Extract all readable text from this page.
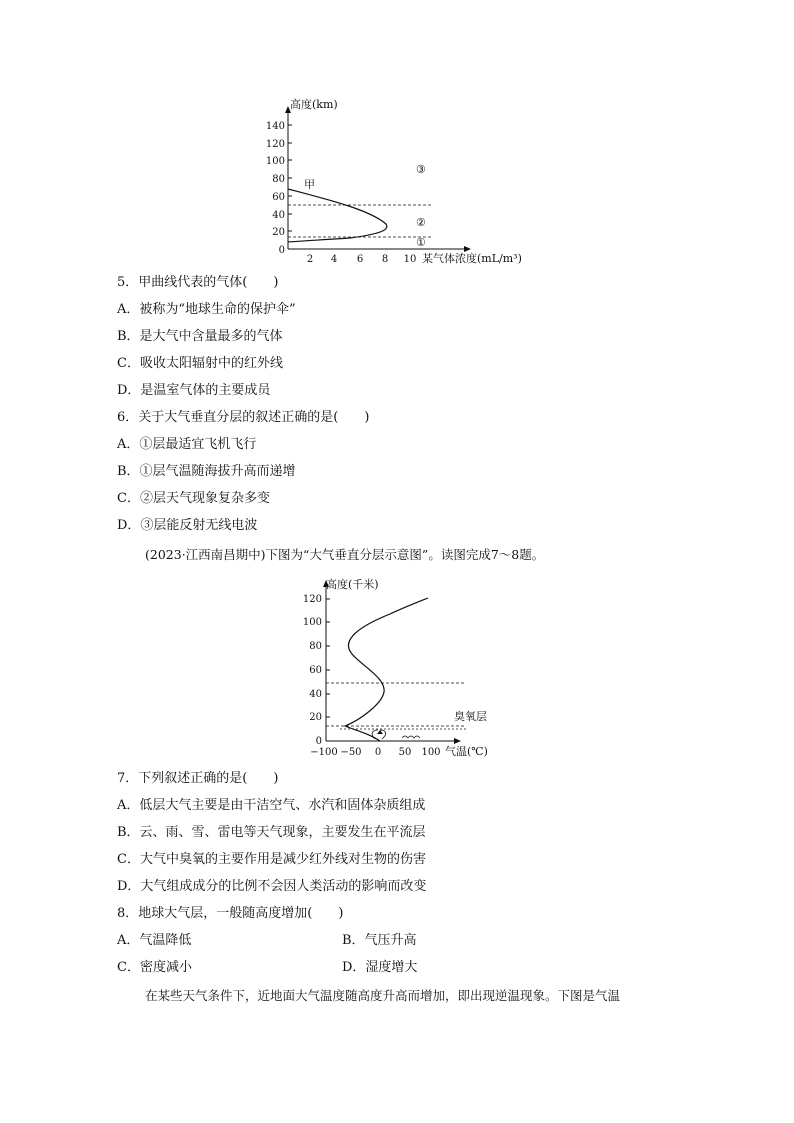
高度(km)
140
120
100
80
60
40
20
0
2 4 6 8 10 某气体浓度(mL/m³)
甲
③
②
①
5．甲曲线代表的气体(　　)
A．被称为“地球生命的保护伞”
B．是大气中含量最多的气体
C．吸收太阳辐射中的红外线
D．是温室气体的主要成员
6．关于大气垂直分层的叙述正确的是(　　)
A．①层最适宜飞机飞行
B．①层气温随海拔升高而递增
C．②层天气现象复杂多变
D．③层能反射无线电波
(2023·江西南昌期中)下图为“大气垂直分层示意图”。读图完成7～8题。
高度(千米)
120
100
80
60
40
20
0
−100 −50 0 50 100 气温(℃)
臭氧层
7．下列叙述正确的是(　　)
A．低层大气主要是由干洁空气、水汽和固体杂质组成
B．云、雨、雪、雷电等天气现象，主要发生在平流层
C．大气中臭氧的主要作用是减少红外线对生物的伤害
D．大气组成成分的比例不会因人类活动的影响而改变
8．地球大气层，一般随高度增加(　　)
A．气温降低	B．气压升高
C．密度减小	D．湿度增大
在某些天气条件下，近地面大气温度随高度升高而增加，即出现逆温现象。下图是气温
